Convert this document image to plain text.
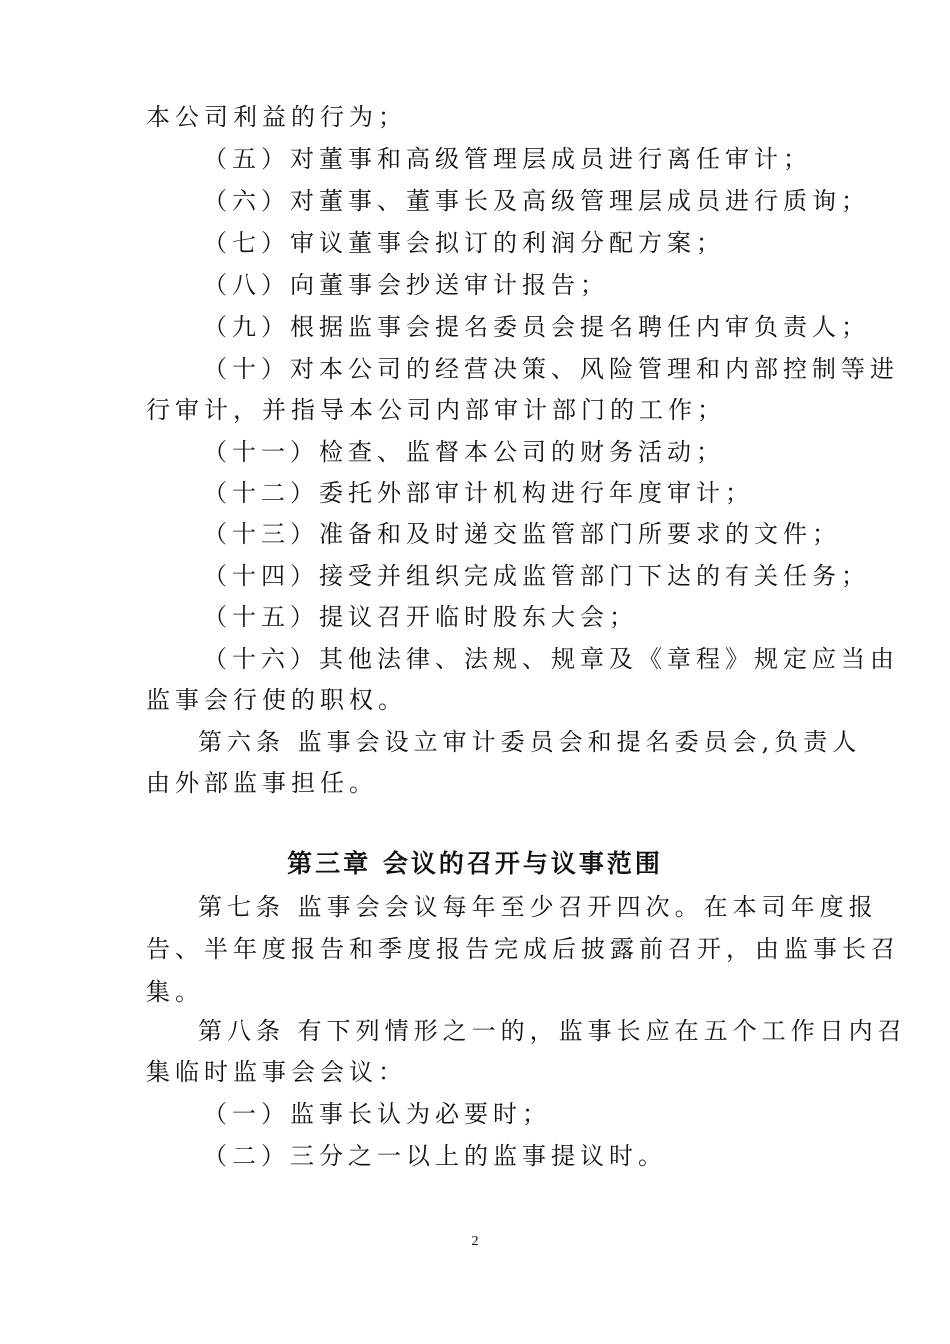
本公司利益的行为；
（五）对董事和高级管理层成员进行离任审计；
（六）对董事、董事长及高级管理层成员进行质询；
（七）审议董事会拟订的利润分配方案；
（八）向董事会抄送审计报告；
（九）根据监事会提名委员会提名聘任内审负责人；
（十）对本公司的经营决策、风险管理和内部控制等进
行审计，并指导本公司内部审计部门的工作；
（十一）检查、监督本公司的财务活动；
（十二）委托外部审计机构进行年度审计；
（十三）准备和及时递交监管部门所要求的文件；
（十四）接受并组织完成监管部门下达的有关任务；
（十五）提议召开临时股东大会；
（十六）其他法律、法规、规章及《章程》规定应当由
监事会行使的职权。
第六条 监事会设立审计委员会和提名委员会,负责人
由外部监事担任。
第三章 会议的召开与议事范围
第七条 监事会会议每年至少召开四次。在本司年度报
告、半年度报告和季度报告完成后披露前召开，由监事长召
集。
第八条 有下列情形之一的，监事长应在五个工作日内召
集临时监事会会议：
（一）监事长认为必要时；
（二）三分之一以上的监事提议时。
2
